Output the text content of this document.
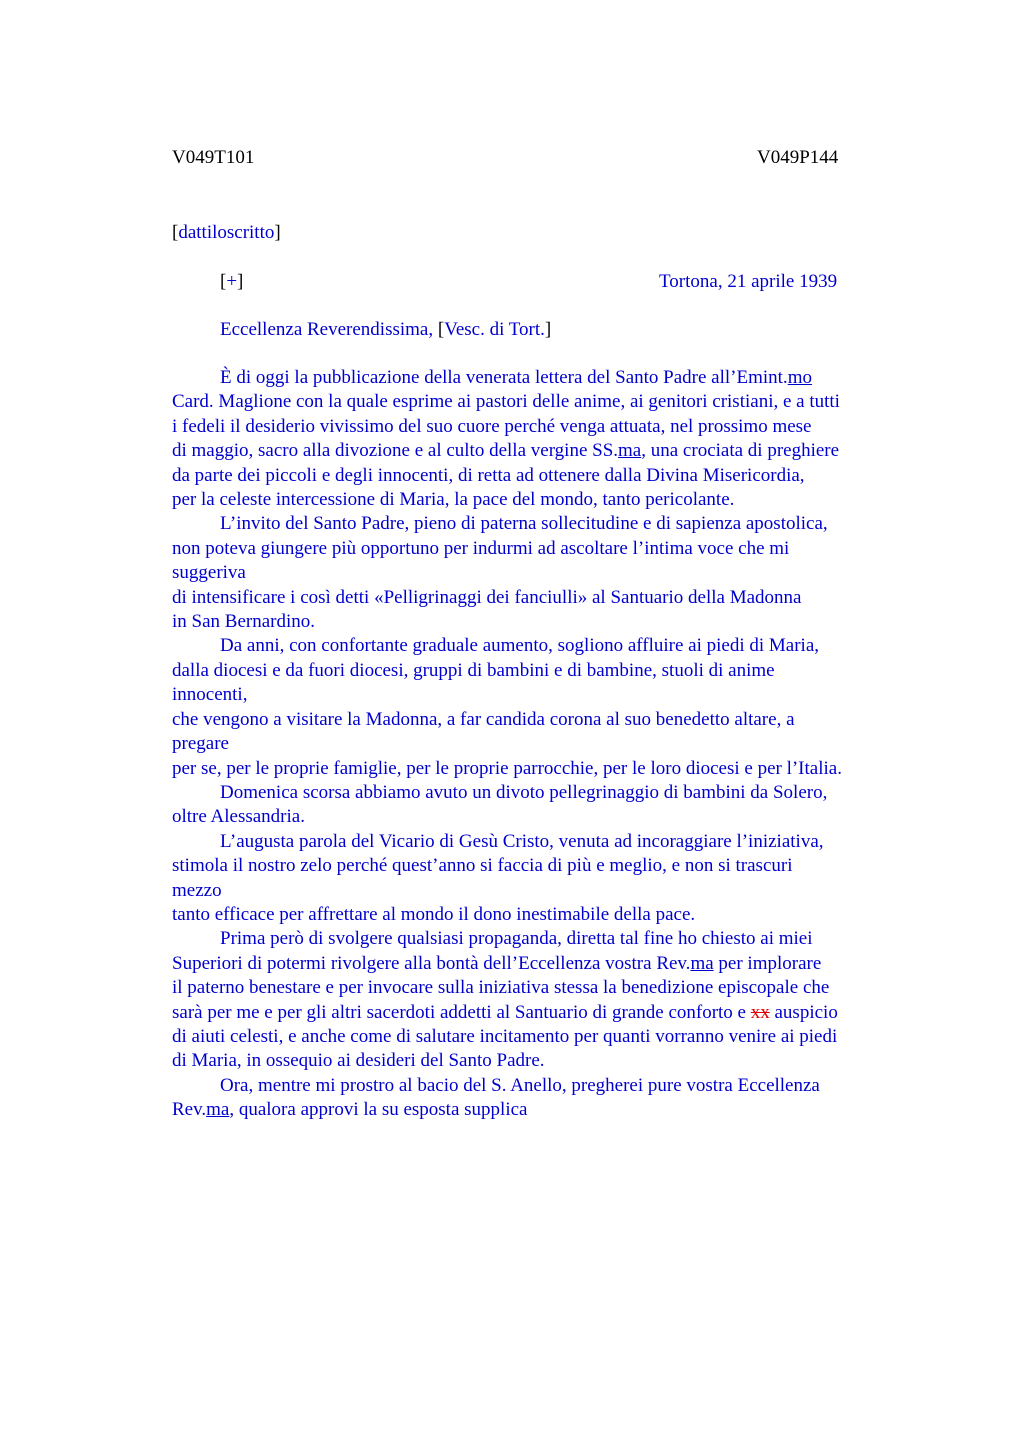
V049T101	V049P144
[dattiloscritto]
[+]	Tortona, 21 aprile 1939
Eccellenza Reverendissima, [Vesc. di Tort.]
È di oggi la pubblicazione della venerata lettera del Santo Padre all’Emint.mo
Card. Maglione con la quale esprime ai pastori delle anime, ai genitori cristiani, e a tutti
i fedeli il desiderio vivissimo del suo cuore perché venga attuata, nel prossimo mese
di maggio, sacro alla divozione e al culto della vergine SS.ma, una crociata di preghiere
da parte dei piccoli e degli innocenti, di retta ad ottenere dalla Divina Misericordia,
per la celeste intercessione di Maria, la pace del mondo, tanto pericolante.
L’invito del Santo Padre, pieno di paterna sollecitudine e di sapienza apostolica,
non poteva giungere più opportuno per indurmi ad ascoltare l’intima voce che mi
suggeriva
di intensificare i così detti «Pelligrinaggi dei fanciulli» al Santuario della Madonna
in San Bernardino.
Da anni, con confortante graduale aumento, sogliono affluire ai piedi di Maria,
dalla diocesi e da fuori diocesi, gruppi di bambini e di bambine, stuoli di anime
innocenti,
che vengono a visitare la Madonna, a far candida corona al suo benedetto altare, a
pregare
per se, per le proprie famiglie, per le proprie parrocchie, per le loro diocesi e per l’Italia.
Domenica scorsa abbiamo avuto un divoto pellegrinaggio di bambini da Solero,
oltre Alessandria.
L’augusta parola del Vicario di Gesù Cristo, venuta ad incoraggiare l’iniziativa,
stimola il nostro zelo perché quest’anno si faccia di più e meglio, e non si trascuri
mezzo
tanto efficace per affrettare al mondo il dono inestimabile della pace.
Prima però di svolgere qualsiasi propaganda, diretta tal fine ho chiesto ai miei
Superiori di potermi rivolgere alla bontà dell’Eccellenza vostra Rev.ma per implorare
il paterno benestare e per invocare sulla iniziativa stessa la benedizione episcopale che
sarà per me e per gli altri sacerdoti addetti al Santuario di grande conforto e xx auspicio
di aiuti celesti, e anche come di salutare incitamento per quanti vorranno venire ai piedi
di Maria, in ossequio ai desideri del Santo Padre.
Ora, mentre mi prostro al bacio del S. Anello, pregherei pure vostra Eccellenza
Rev.ma, qualora approvi la su esposta supplica
